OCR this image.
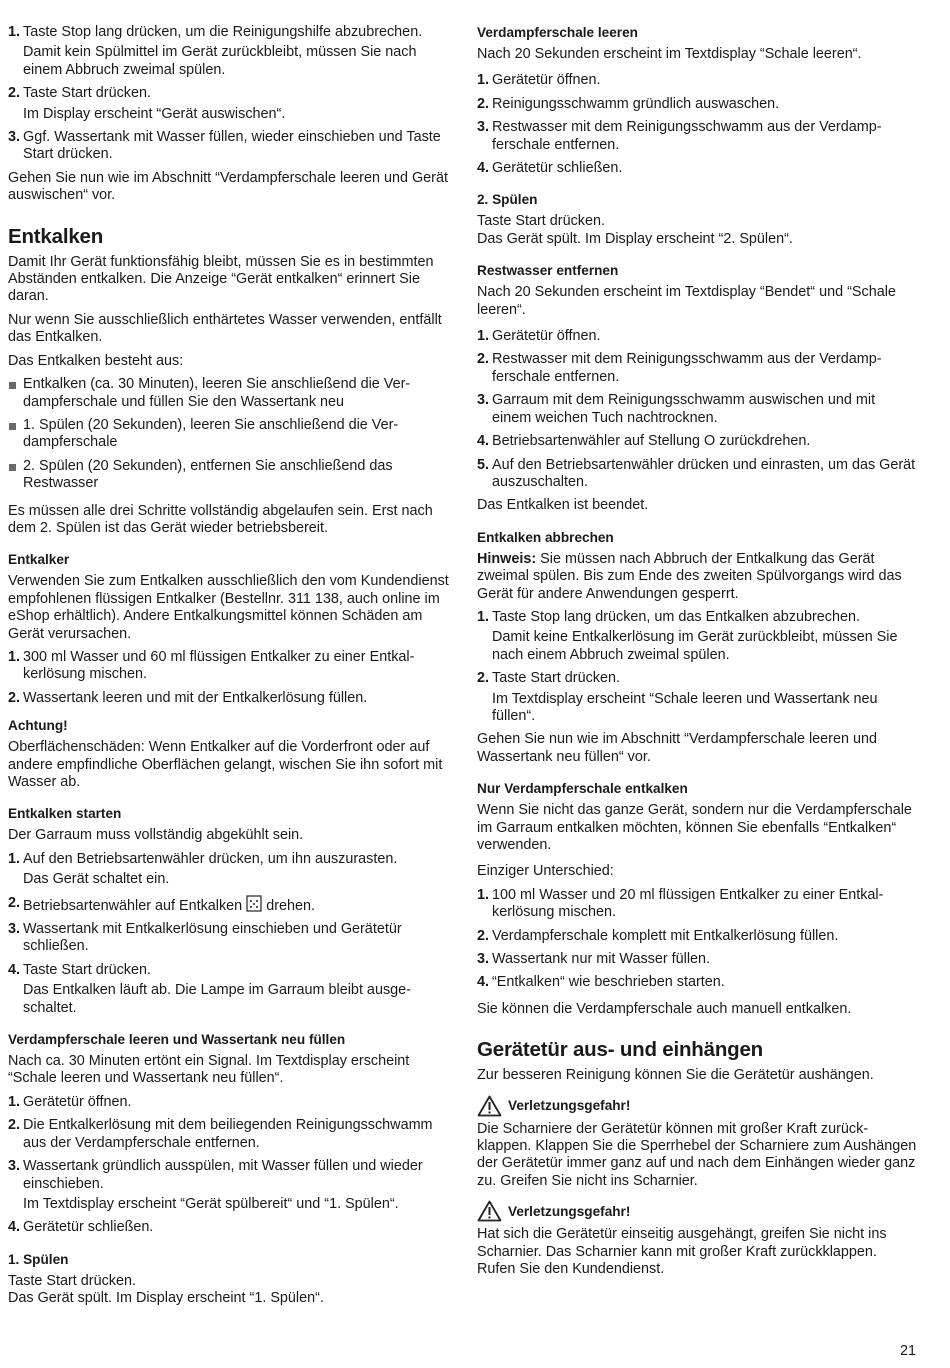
1. Taste Stop lang drücken, um die Reinigungshilfe abzubrechen.
Damit kein Spülmittel im Gerät zurückbleibt, müssen Sie nach einem Abbruch zweimal spülen.
2. Taste Start drücken.
Im Display erscheint “Gerät auswischen“.
3. Ggf. Wassertank mit Wasser füllen, wieder einschieben und Taste Start drücken.

Gehen Sie nun wie im Abschnitt “Verdampferschale leeren und Gerät auswischen“ vor.

Entkalken

Damit Ihr Gerät funktionsfähig bleibt, müssen Sie es in bestimmten Abständen entkalken. Die Anzeige “Gerät entkalken“ erinnert Sie daran.

Nur wenn Sie ausschließlich enthärtetes Wasser verwenden, entfällt das Entkalken.

Das Entkalken besteht aus:

Entkalken (ca. 30 Minuten), leeren Sie anschließend die Verdampferschale und füllen Sie den Wassertank neu
1. Spülen (20 Sekunden), leeren Sie anschließend die Verdampferschale
2. Spülen (20 Sekunden), entfernen Sie anschließend das Restwasser

Es müssen alle drei Schritte vollständig abgelaufen sein. Erst nach dem 2. Spülen ist das Gerät wieder betriebsbereit.

Entkalker

Verwenden Sie zum Entkalken ausschließlich den vom Kundendienst empfohlenen flüssigen Entkalker (Bestellnr. 311 138, auch online im eShop erhältlich). Andere Entkalkungsmittel können Schäden am Gerät verursachen.

1. 300 ml Wasser und 60 ml flüssigen Entkalker zu einer Entkalkerlösung mischen.
2. Wassertank leeren und mit der Entkalkerlösung füllen.
Achtung!

Oberflächenschäden: Wenn Entkalker auf die Vorderfront oder auf andere empfindliche Oberflächen gelangt, wischen Sie ihn sofort mit Wasser ab.

Entkalken starten

Der Garraum muss vollständig abgekühlt sein.

1. Auf den Betriebsartenwähler drücken, um ihn auszurasten.
Das Gerät schaltet ein.
2. Betriebsartenwähler auf Entkalken drehen.
3. Wassertank mit Entkalkerlösung einschieben und Gerätetür schließen.
4. Taste Start drücken.
Das Entkalken läuft ab. Die Lampe im Garraum bleibt ausgeschaltet.
Verdampferschale leeren und Wassertank neu füllen

Nach ca. 30 Minuten ertönt ein Signal. Im Textdisplay erscheint “Schale leeren und Wassertank neu füllen“.

1. Gerätetür öffnen.
2. Die Entkalkerlösung mit dem beiliegenden Reinigungsschwamm aus der Verdampferschale entfernen.
3. Wassertank gründlich ausspülen, mit Wasser füllen und wieder einschieben.
Im Textdisplay erscheint “Gerät spülbereit“ und “1. Spülen“.
4. Gerätetür schließen.
1. Spülen

Taste Start drücken.

Das Gerät spült. Im Display erscheint “1. Spülen“.

Verdampferschale leeren

Nach 20 Sekunden erscheint im Textdisplay “Schale leeren“.

1. Gerätetür öffnen.
2. Reinigungsschwamm gründlich auswaschen.
3. Restwasser mit dem Reinigungsschwamm aus der Verdampferschale entfernen.
4. Gerätetür schließen.
2. Spülen

Taste Start drücken.

Das Gerät spült. Im Display erscheint “2. Spülen“.

Restwasser entfernen

Nach 20 Sekunden erscheint im Textdisplay “Bendet“ und “Schale leeren“.

1. Gerätetür öffnen.
2. Restwasser mit dem Reinigungsschwamm aus der Verdampferschale entfernen.
3. Garraum mit dem Reinigungsschwamm auswischen und mit einem weichen Tuch nachtrocknen.
4. Betriebsartenwähler auf Stellung O zurückdrehen.
5. Auf den Betriebsartenwähler drücken und einrasten, um das Gerät auszuschalten.

Das Entkalken ist beendet.

Entkalken abbrechen

Hinweis: Sie müssen nach Abbruch der Entkalkung das Gerät zweimal spülen. Bis zum Ende des zweiten Spülvorgangs wird das Gerät für andere Anwendungen gesperrt.

1. Taste Stop lang drücken, um das Entkalken abzubrechen.
Damit keine Entkalkerlösung im Gerät zurückbleibt, müssen Sie nach einem Abbruch zweimal spülen.
2. Taste Start drücken.
Im Textdisplay erscheint “Schale leeren und Wassertank neu füllen“.

Gehen Sie nun wie im Abschnitt “Verdampferschale leeren und Wassertank neu füllen“ vor.

Nur Verdampferschale entkalken

Wenn Sie nicht das ganze Gerät, sondern nur die Verdampferschale im Garraum entkalken möchten, können Sie ebenfalls “Entkalken“ verwenden.

Einziger Unterschied:

1. 100 ml Wasser und 20 ml flüssigen Entkalker zu einer Entkalkerlösung mischen.
2. Verdampferschale komplett mit Entkalkerlösung füllen.
3. Wassertank nur mit Wasser füllen.
4. “Entkalken“ wie beschrieben starten.

Sie können die Verdampferschale auch manuell entkalken.

Gerätetür aus- und einhängen

Zur besseren Reinigung können Sie die Gerätetür aushängen.

Verletzungsgefahr!

Die Scharniere der Gerätetür können mit großer Kraft zurückklappen. Klappen Sie die Sperrhebel der Scharniere zum Aushängen der Gerätetür immer ganz auf und nach dem Einhängen wieder ganz zu. Greifen Sie nicht ins Scharnier.

Verletzungsgefahr!

Hat sich die Gerätetür einseitig ausgehängt, greifen Sie nicht ins Scharnier. Das Scharnier kann mit großer Kraft zurückklappen. Rufen Sie den Kundendienst.

21
